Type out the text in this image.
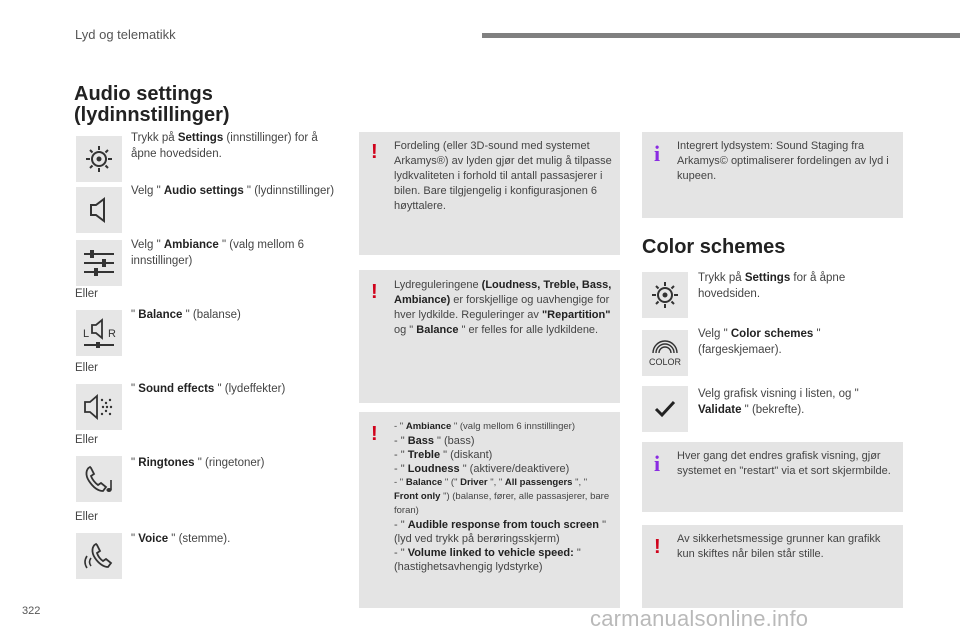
Lyd og telematikk
Audio settings
(lydinnstillinger)
Trykk på Settings (innstillinger) for å åpne hovedsiden.
Velg " Audio settings " (lydinnstillinger)
Velg " Ambiance " (valg mellom 6 innstillinger)
Eller
L R
" Balance " (balanse)
Eller
" Sound effects " (lydeffekter)
Eller
" Ringtones " (ringetoner)
Eller
" Voice " (stemme).
! Fordeling (eller 3D-sound med systemet Arkamys®) av lyden gjør det mulig å tilpasse lydkvaliteten i forhold til antall passasjerer i bilen. Bare tilgjengelig i konfigurasjonen 6 høyttalere.
! Lydreguleringene (Loudness, Treble, Bass, Ambiance) er forskjellige og uavhengige for hver lydkilde. Reguleringer av "Repartition" og " Balance " er felles for alle lydkildene.
! - " Ambiance " (valg mellom 6 innstillinger)
- " Bass " (bass)
- " Treble " (diskant)
- " Loudness " (aktivere/deaktivere)
- " Balance " (" Driver ", " All passengers ", " Front only ") (balanse, fører, alle passasjerer, bare foran)
- " Audible response from touch screen " (lyd ved trykk på berøringsskjerm)
- " Volume linked to vehicle speed: " (hastighetsavhengig lydstyrke)
i Integrert lydsystem: Sound Staging fra Arkamys© optimaliserer fordelingen av lyd i kupeen.
Color schemes
Trykk på Settings for å åpne hovedsiden.
COLOR
Velg " Color schemes " (fargeskjemaer).
Velg grafisk visning i listen, og " Validate " (bekrefte).
i Hver gang det endres grafisk visning, gjør systemet en "restart" via et sort skjermbilde.
! Av sikkerhetsmessige grunner kan grafikk kun skiftes når bilen står stille.
322	carmanualsonline.info
